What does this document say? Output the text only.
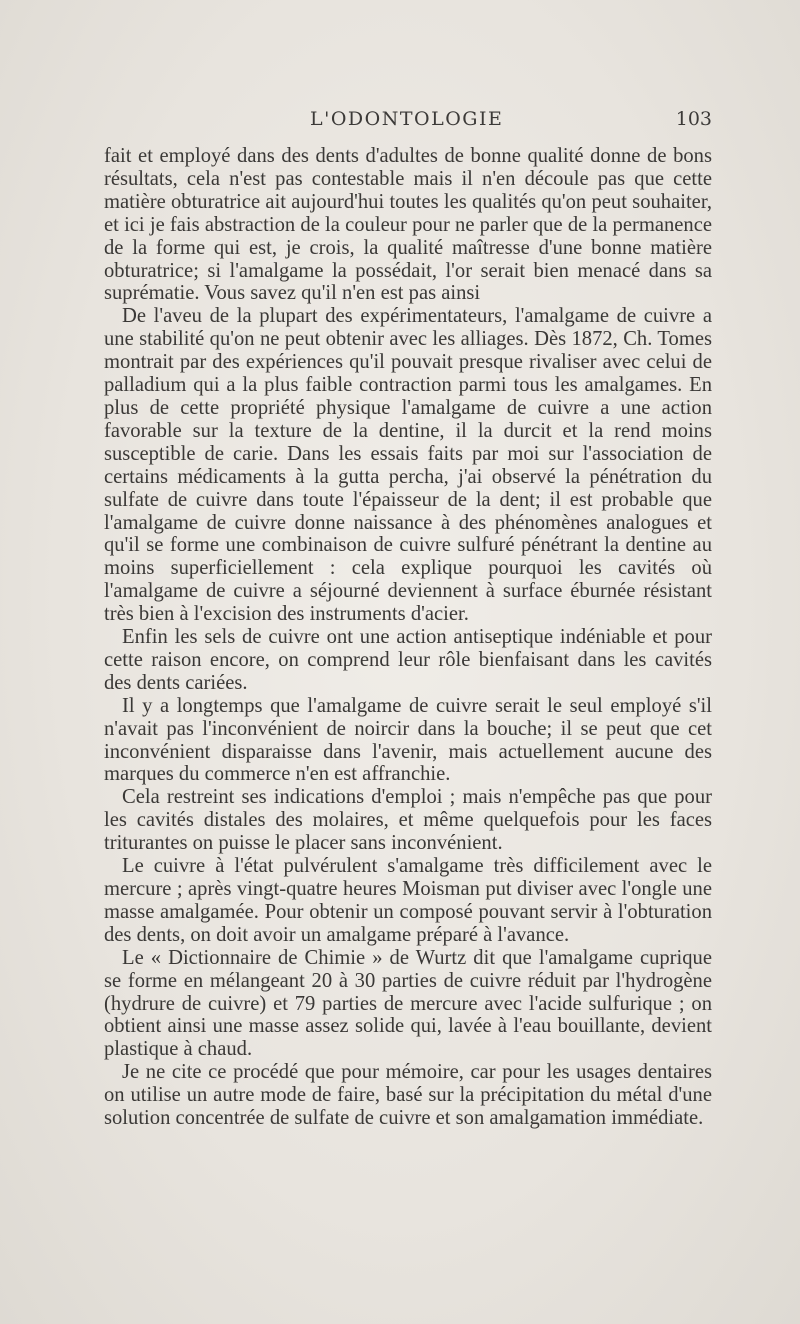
L'ODONTOLOGIE	103

fait et employé dans des dents d'adultes de bonne qualité donne de bons résultats, cela n'est pas contestable mais il n'en découle pas que cette matière obturatrice ait aujourd'hui toutes les qualités qu'on peut souhaiter, et ici je fais abstraction de la couleur pour ne parler que de la permanence de la forme qui est, je crois, la qualité maîtresse d'une bonne matière obturatrice; si l'amalgame la possédait, l'or serait bien menacé dans sa suprématie. Vous savez qu'il n'en est pas ainsi

De l'aveu de la plupart des expérimentateurs, l'amalgame de cuivre a une stabilité qu'on ne peut obtenir avec les alliages. Dès 1872, Ch. Tomes montrait par des expériences qu'il pouvait presque rivaliser avec celui de palladium qui a la plus faible contraction parmi tous les amalgames. En plus de cette propriété physique l'amalgame de cuivre a une action favorable sur la texture de la dentine, il la durcit et la rend moins susceptible de carie. Dans les essais faits par moi sur l'association de certains médicaments à la gutta percha, j'ai observé la pénétration du sulfate de cuivre dans toute l'épaisseur de la dent; il est probable que l'amalgame de cuivre donne naissance à des phénomènes analogues et qu'il se forme une combinaison de cuivre sulfuré pénétrant la dentine au moins superficiellement : cela explique pourquoi les cavités où l'amalgame de cuivre a séjourné deviennent à surface éburnée résistant très bien à l'excision des instruments d'acier.

Enfin les sels de cuivre ont une action antiseptique indéniable et pour cette raison encore, on comprend leur rôle bienfaisant dans les cavités des dents cariées.

Il y a longtemps que l'amalgame de cuivre serait le seul employé s'il n'avait pas l'inconvénient de noircir dans la bouche; il se peut que cet inconvénient disparaisse dans l'avenir, mais actuellement aucune des marques du commerce n'en est affranchie.

Cela restreint ses indications d'emploi ; mais n'empêche pas que pour les cavités distales des molaires, et même quelquefois pour les faces triturantes on puisse le placer sans inconvénient.

Le cuivre à l'état pulvérulent s'amalgame très difficilement avec le mercure ; après vingt-quatre heures Moisman put diviser avec l'ongle une masse amalgamée. Pour obtenir un composé pouvant servir à l'obturation des dents, on doit avoir un amalgame préparé à l'avance.

Le « Dictionnaire de Chimie » de Wurtz dit que l'amalgame cuprique se forme en mélangeant 20 à 30 parties de cuivre réduit par l'hydrogène (hydrure de cuivre) et 79 parties de mercure avec l'acide sulfurique ; on obtient ainsi une masse assez solide qui, lavée à l'eau bouillante, devient plastique à chaud.

Je ne cite ce procédé que pour mémoire, car pour les usages dentaires on utilise un autre mode de faire, basé sur la précipitation du métal d'une solution concentrée de sulfate de cuivre et son amalgamation immédiate.
